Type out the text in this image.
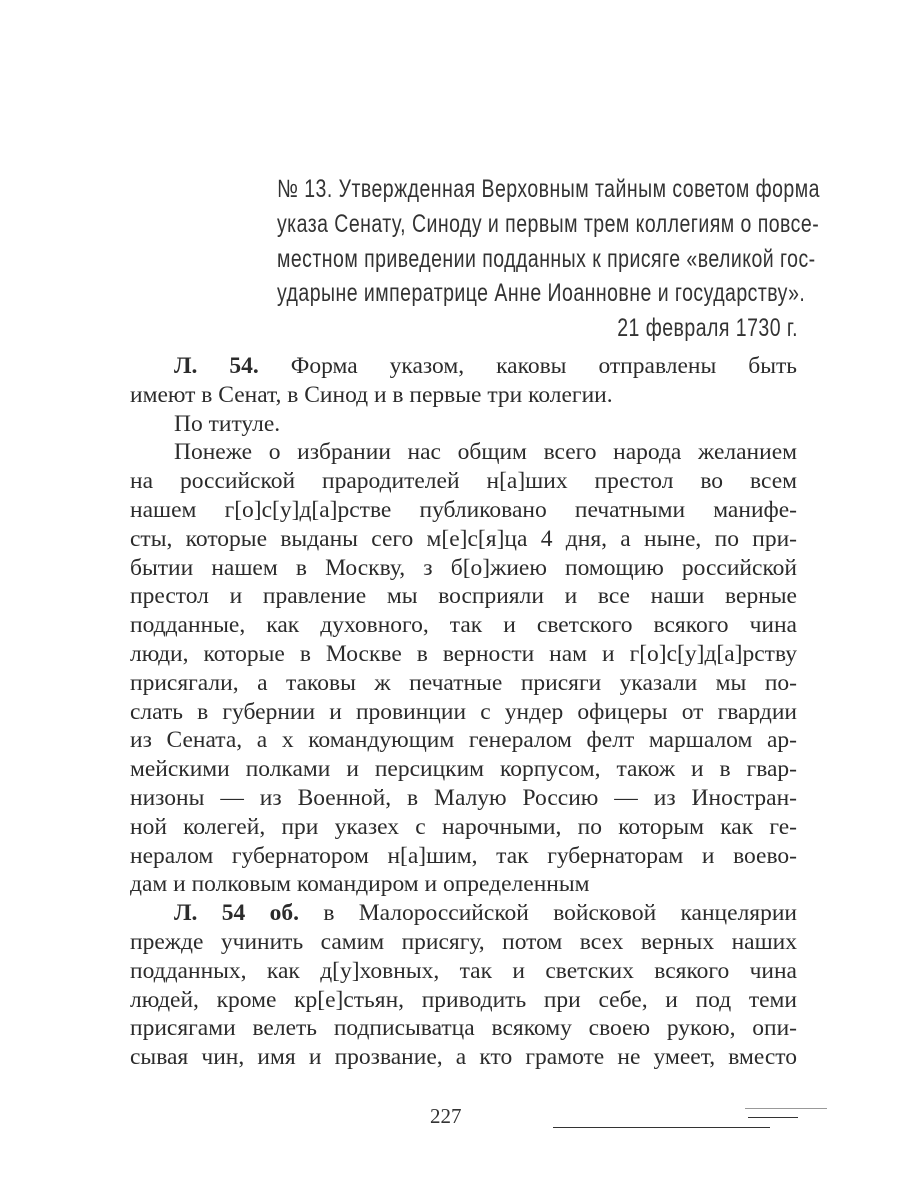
№ 13. Утвержденная Верховным тайным советом форма
указа Сенату, Синоду и первым трем коллегиям о повсе-
местном приведении подданных к присяге «великой гос-
ударыне императрице Анне Иоанновне и государству».
21 февраля 1730 г.
Л. 54. Форма указом, каковы отправлены быть
имеют в Сенат, в Синод и в первые три колегии.
По титуле.
Понеже о избрании нас общим всего народа желанием
на российской прародителей н[а]ших престол во всем
нашем г[о]с[у]д[а]рстве публиковано печатными манифе-
сты, которые выданы сего м[е]с[я]ца 4 дня, а ныне, по при-
бытии нашем в Москву, з б[о]жиею помощию российской
престол и правление мы восприяли и все наши верные
подданные, как духовного, так и светского всякого чина
люди, которые в Москве в верности нам и г[о]с[у]д[а]рству
присягали, а таковы ж печатные присяги указали мы по-
слать в губернии и провинции с ундер офицеры от гвардии
из Сената, а х командующим генералом фелт маршалом ар-
мейскими полками и персицким корпусом, також и в гвар-
низоны — из Военной, в Малую Россию — из Иностран-
ной колегей, при указех с нарочными, по которым как ге-
нералом губернатором н[а]шим, так губернаторам и воево-
дам и полковым командиром и определенным
Л. 54 об. в Малороссийской войсковой канцелярии
прежде учинить самим присягу, потом всех верных наших
подданных, как д[у]ховных, так и светских всякого чина
людей, кроме кр[е]стьян, приводить при себе, и под теми
присягами велеть подписыватца всякому своею рукою, опи-
сывая чин, имя и прозвание, а кто грамоте не умеет, вместо
227
